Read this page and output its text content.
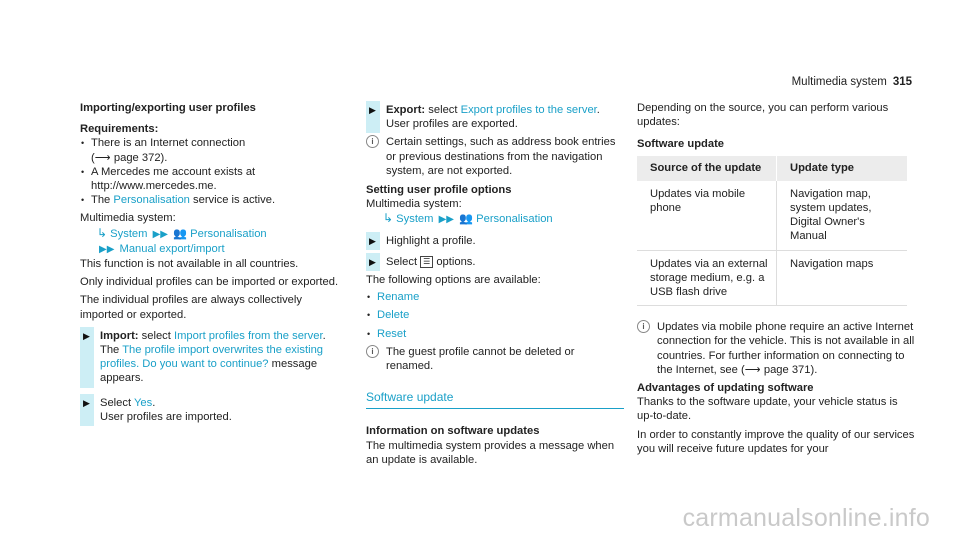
Multimedia system 315

Importing/exporting user profiles

Requirements:

• There is an Internet connection
(⟶ page 372).
• A Mercedes me account exists at http://www.mercedes.me.
• The Personalisation service is active.

Multimedia system:

↳ System ▶▶ 👥 Personalisation
▶▶ Manual export/import

This function is not available in all countries.

Only individual profiles can be imported or exported.

The individual profiles are always collectively imported or exported.

▶ Import: select Import profiles from the server.
The The profile import overwrites the existing profiles. Do you want to continue? message appears.
▶ Select Yes.
User profiles are imported.
▶ Export: select Export profiles to the server.
User profiles are exported.
i	Certain settings, such as address book entries or previous destinations from the navigation system, are not exported.

Setting user profile options

Multimedia system:

↳ System ▶▶ 👥 Personalisation
▶ Highlight a profile.
▶ Select ☰ options.

The following options are available:

• Rename
• Delete
• Reset
i	The guest profile cannot be deleted or renamed.
Software update

Information on software updates

The multimedia system provides a message when an update is available.

Depending on the source, you can perform various updates:

Software update

Source of the update	Update type
Updates via mobile phone	Navigation map, system updates, Digital Owner's Manual
Updates via an external storage medium, e.g. a USB flash drive	Navigation maps
i	Updates via mobile phone require an active Internet connection for the vehicle. This is not available in all countries. For further information on connecting to the Internet, see (⟶ page 371).

Advantages of updating software

Thanks to the software update, your vehicle status is up-to-date.

In order to constantly improve the quality of our services you will receive future updates for your

carmanualsonline.info
